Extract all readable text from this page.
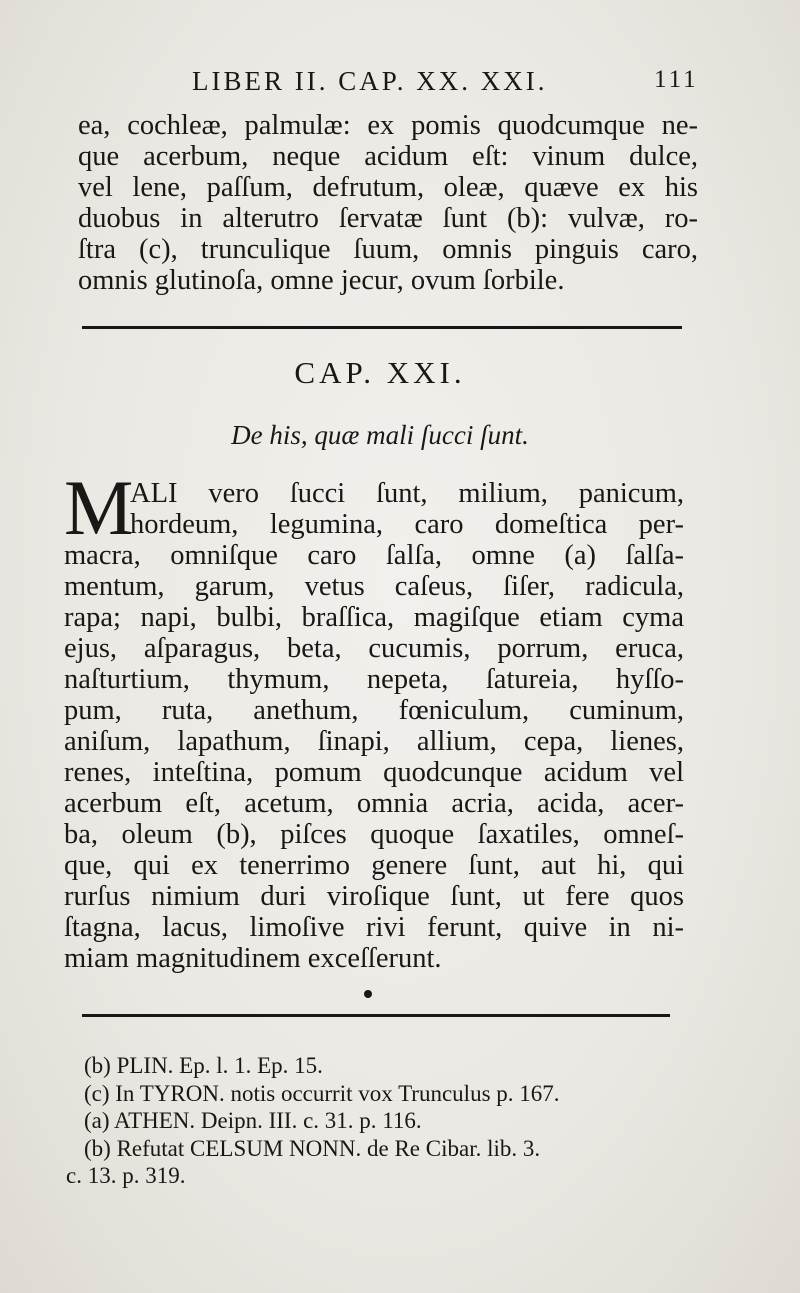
LIBER II. CAP. XX. XXI.	111
ea, cochleæ, palmulæ: ex pomis quodcumque ne-
que acerbum, neque acidum eſt: vinum dulce,
vel lene, paſſum, defrutum, oleæ, quæve ex his
duobus in alterutro ſervatæ ſunt (b): vulvæ, ro-
ſtra (c), trunculique ſuum, omnis pinguis caro,
omnis glutinoſa, omne jecur, ovum ſorbile.
CAP. XXI.
De his, quæ mali ſucci ſunt.
M
ALI vero ſucci ſunt, milium, panicum,
hordeum, legumina, caro domeſtica per-
macra, omniſque caro ſalſa, omne (a) ſalſa-
mentum, garum, vetus caſeus, ſiſer, radicula,
rapa; napi, bulbi, braſſica, magiſque etiam cyma
ejus, aſparagus, beta, cucumis, porrum, eruca,
naſturtium, thymum, nepeta, ſatureia, hyſſo-
pum, ruta, anethum, fœniculum, cuminum,
aniſum, lapathum, ſinapi, allium, cepa, lienes,
renes, inteſtina, pomum quodcunque acidum vel
acerbum eſt, acetum, omnia acria, acida, acer-
ba, oleum (b), piſces quoque ſaxatiles, omneſ-
que, qui ex tenerrimo genere ſunt, aut hi, qui
rurſus nimium duri viroſique ſunt, ut fere quos
ſtagna, lacus, limoſive rivi ferunt, quive in ni-
miam magnitudinem exceſſerunt.
(b) PLIN. Ep. l. 1. Ep. 15.
(c) In TYRON. notis occurrit vox Trunculus p. 167.
(a) ATHEN. Deipn. III. c. 31. p. 116.
(b) Refutat CELSUM NONN. de Re Cibar. lib. 3.
c. 13. p. 319.
